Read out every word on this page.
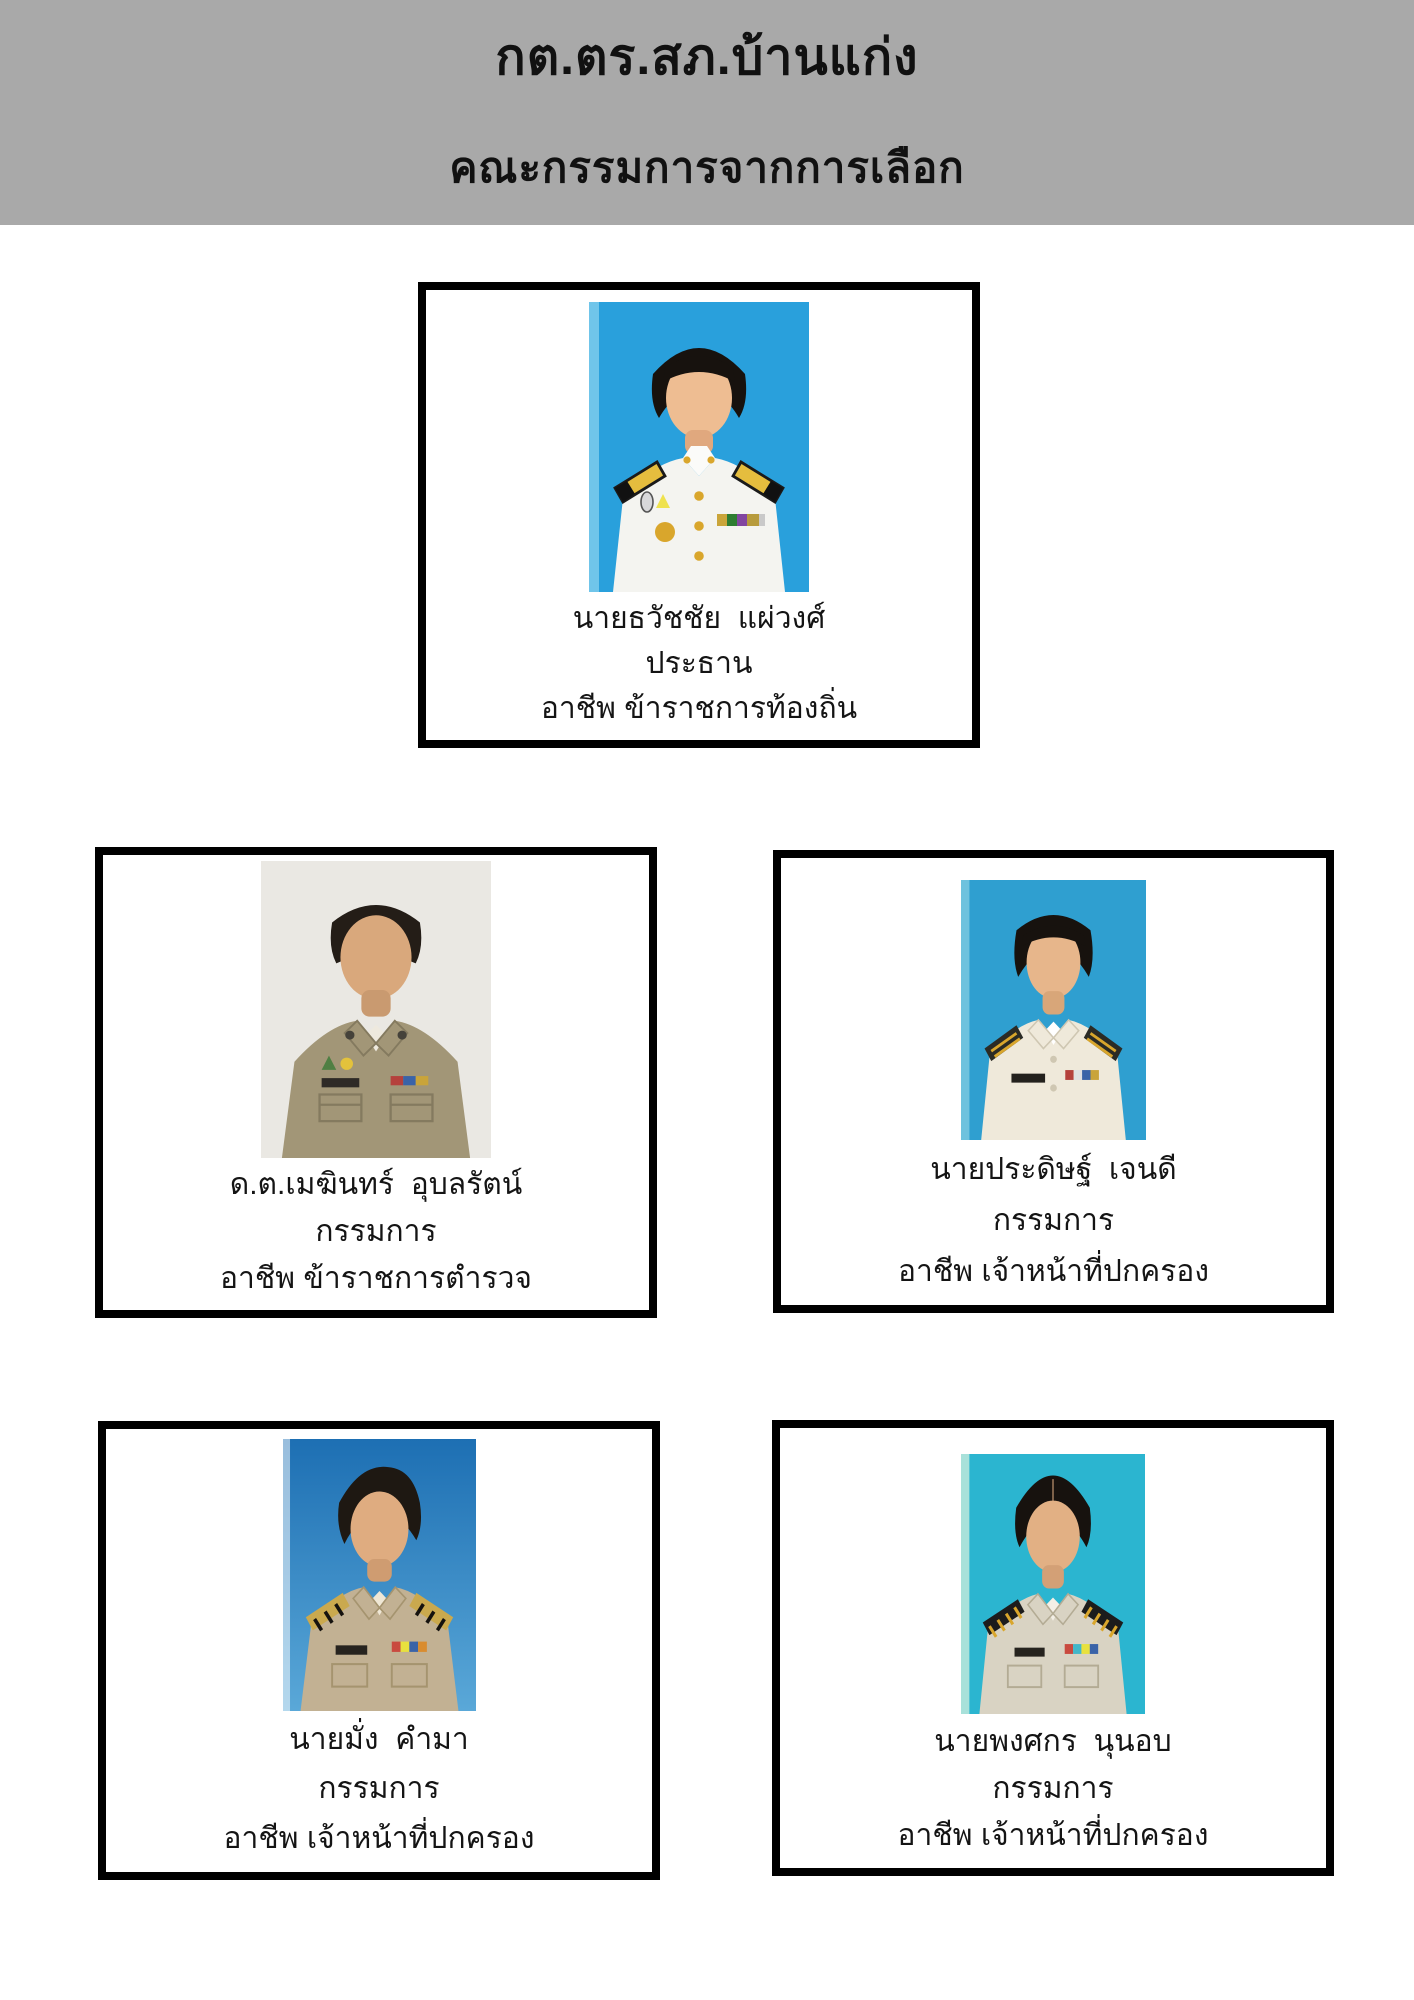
กต.ตร.สภ.บ้านแก่ง
คณะกรรมการจากการเลือก
นายธวัชชัย  แผ่วงศ์
ประธาน
อาชีพ ข้าราชการท้องถิ่น
ด.ต.เมฆินทร์  อุบลรัตน์
กรรมการ
อาชีพ ข้าราชการตำรวจ
นายประดิษฐ์  เจนดี
กรรมการ
อาชีพ เจ้าหน้าที่ปกครอง
นายมั่ง  คำมา
กรรมการ
อาชีพ เจ้าหน้าที่ปกครอง
นายพงศกร  นุนอบ
กรรมการ
อาชีพ เจ้าหน้าที่ปกครอง
